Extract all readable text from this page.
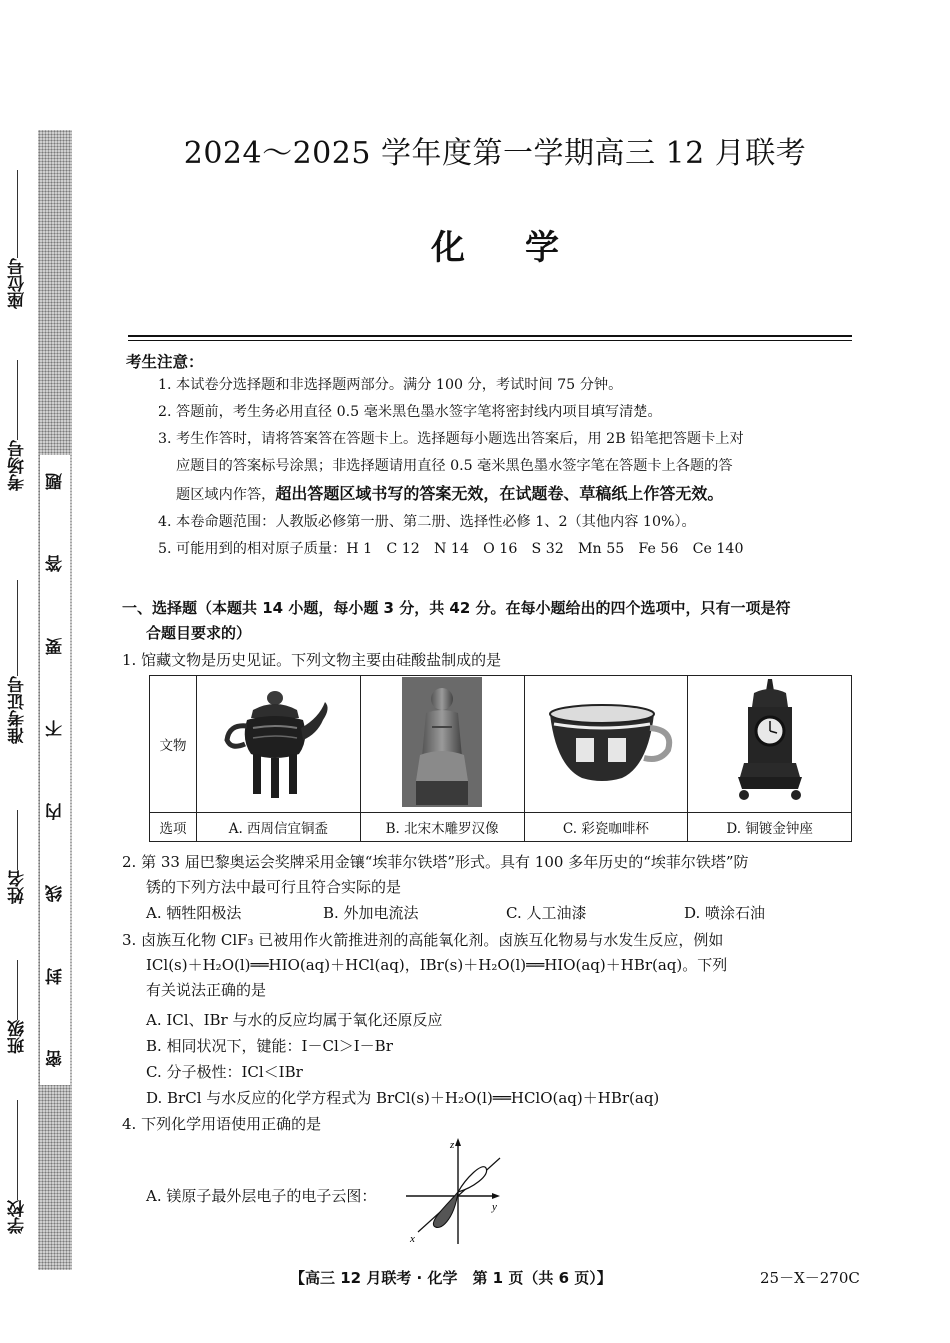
座位号
考场号
准考证号
姓名
班级
学校
题
答
要
不
内
线
封
密
2024～2025 学年度第一学期高三 12 月联考
化学
考生注意：

1. 本试卷分选择题和非选择题两部分。满分 100 分，考试时间 75 分钟。

2. 答题前，考生务必用直径 0.5 毫米黑色墨水签字笔将密封线内项目填写清楚。

3. 考生作答时，请将答案答在答题卡上。选择题每小题选出答案后，用 2B 铅笔把答题卡上对

应题目的答案标号涂黑；非选择题请用直径 0.5 毫米黑色墨水签字笔在答题卡上各题的答

题区域内作答，超出答题区域书写的答案无效，在试题卷、草稿纸上作答无效。

4. 本卷命题范围：人教版必修第一册、第二册、选择性必修 1、2（其他内容 10%）。

5. 可能用到的相对原子质量：H 1　C 12　N 14　O 16　S 32　Mn 55　Fe 56　Ce 140

一、选择题（本题共 14 小题，每小题 3 分，共 42 分。在每小题给出的四个选项中，只有一项是符
合题目要求的）
1. 馆藏文物是历史见证。下列文物主要由硅酸盐制成的是
文物				
选项	A. 西周信宜铜盉	B. 北宋木雕罗汉像	C. 彩瓷咖啡杯	D. 铜镀金钟座
2. 第 33 届巴黎奥运会奖牌采用金镶“埃菲尔铁塔”形式。具有 100 多年历史的“埃菲尔铁塔”防
锈的下列方法中最可行且符合实际的是
A. 牺牲阳极法	B. 外加电流法	C. 人工油漆	D. 喷涂石油
3. 卤族互化物 ClF₃ 已被用作火箭推进剂的高能氧化剂。卤族互化物易与水发生反应，例如
ICl(s)＋H₂O(l)══HIO(aq)＋HCl(aq)，IBr(s)＋H₂O(l)══HIO(aq)＋HBr(aq)。下列
有关说法正确的是
A. ICl、IBr 与水的反应均属于氧化还原反应
B. 相同状况下，键能：I－Cl＞I－Br
C. 分子极性：ICl＜IBr
D. BrCl 与水反应的化学方程式为 BrCl(s)＋H₂O(l)══HClO(aq)＋HBr(aq)
4. 下列化学用语使用正确的是
A. 镁原子最外层电子的电子云图：
z
y
x
【高三 12 月联考 · 化学　第 1 页（共 6 页）】	25－X－270C
